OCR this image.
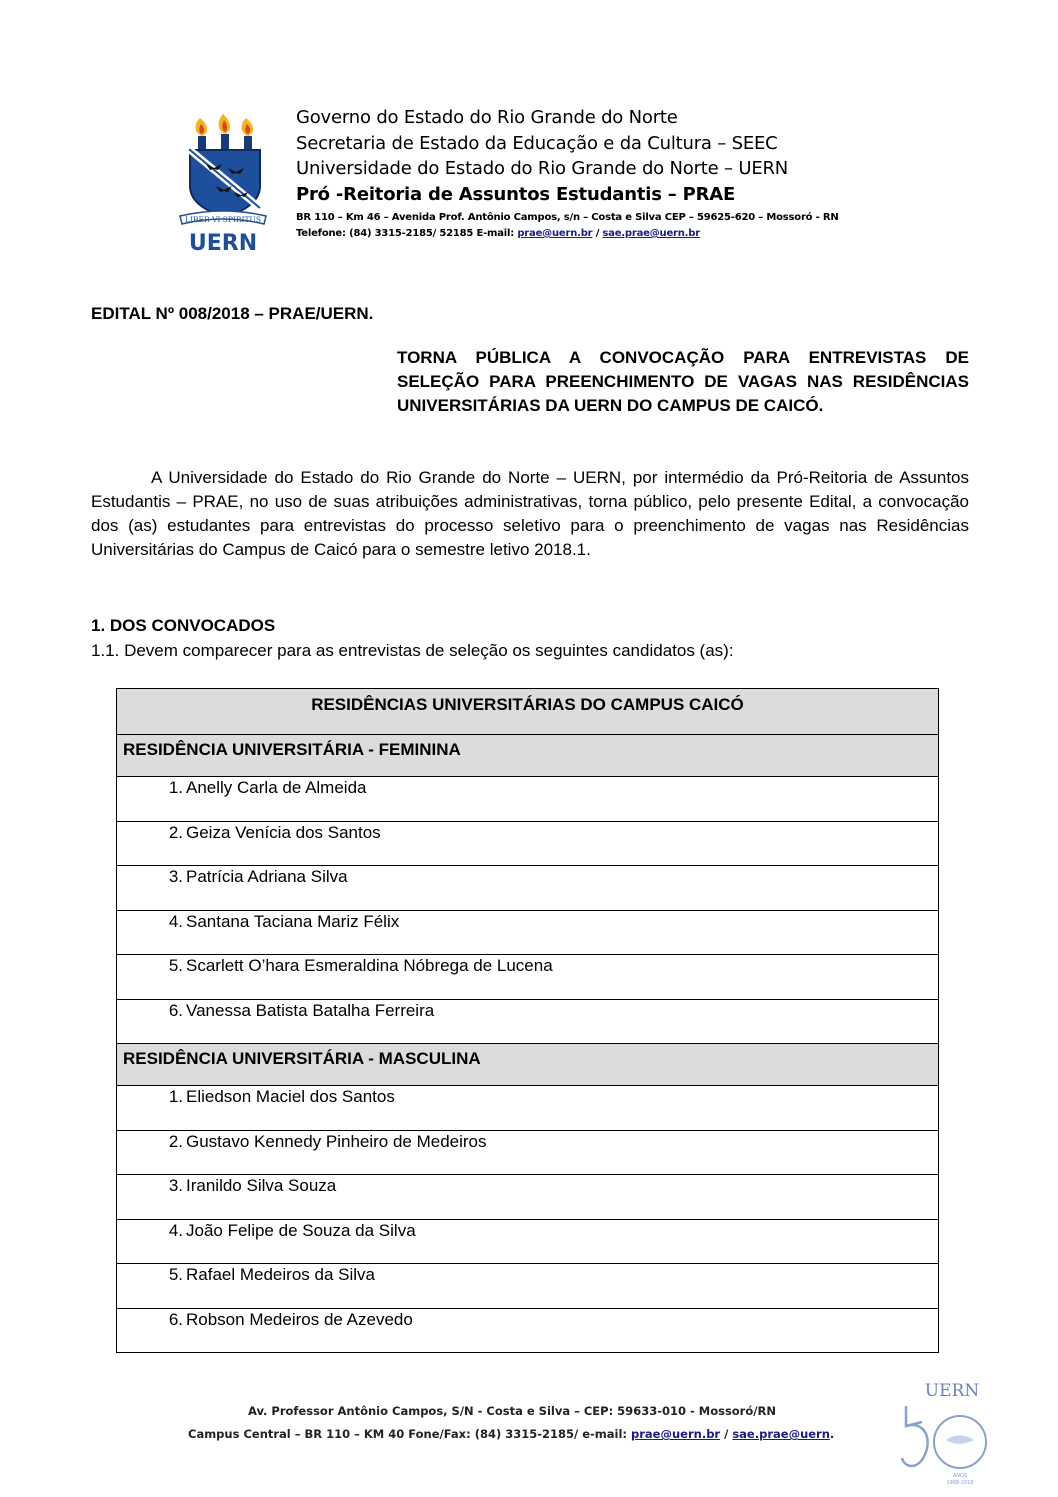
LIBER VI SPIRITUS
UERN
Governo do Estado do Rio Grande do Norte
Secretaria de Estado da Educação e da Cultura – SEEC
Universidade do Estado do Rio Grande do Norte – UERN
Pró -Reitoria de Assuntos Estudantis – PRAE
BR 110 – Km 46 – Avenida Prof. Antônio Campos, s/n – Costa e Silva CEP – 59625-620 – Mossoró - RN
Telefone: (84) 3315-2185/ 52185 E-mail: prae@uern.br / sae.prae@uern.br
EDITAL Nº 008/2018 – PRAE/UERN.
TORNA PÚBLICA A CONVOCAÇÃO PARA ENTREVISTAS DE SELEÇÃO PARA PREENCHIMENTO DE VAGAS NAS RESIDÊNCIAS UNIVERSITÁRIAS DA UERN DO CAMPUS DE CAICÓ.
A Universidade do Estado do Rio Grande do Norte – UERN, por intermédio da Pró-Reitoria de Assuntos Estudantis – PRAE, no uso de suas atribuições administrativas, torna público, pelo presente Edital, a convocação dos (as) estudantes para entrevistas do processo seletivo para o preenchimento de vagas nas Residências Universitárias do Campus de Caicó para o semestre letivo 2018.1.
1. DOS CONVOCADOS
1.1. Devem comparecer para as entrevistas de seleção os seguintes candidatos (as):
RESIDÊNCIAS UNIVERSITÁRIAS DO CAMPUS CAICÓ
RESIDÊNCIA UNIVERSITÁRIA - FEMININA
1. Anelly Carla de Almeida
2. Geiza Venícia dos Santos
3. Patrícia Adriana Silva
4. Santana Taciana Mariz Félix
5. Scarlett O’hara Esmeraldina Nóbrega de Lucena
6. Vanessa Batista Batalha Ferreira
RESIDÊNCIA UNIVERSITÁRIA - MASCULINA
1. Eliedson Maciel dos Santos
2. Gustavo Kennedy Pinheiro de Medeiros
3. Iranildo Silva Souza
4. João Felipe de Souza da Silva
5. Rafael Medeiros da Silva
6. Robson Medeiros de Azevedo
Av. Professor Antônio Campos, S/N - Costa e Silva – CEP: 59633-010 - Mossoró/RN
Campus Central – BR 110 – KM 40 Fone/Fax: (84) 3315-2185/ e-mail: prae@uern.br / sae.prae@uern.
UERN
ANOS
1968-2018
